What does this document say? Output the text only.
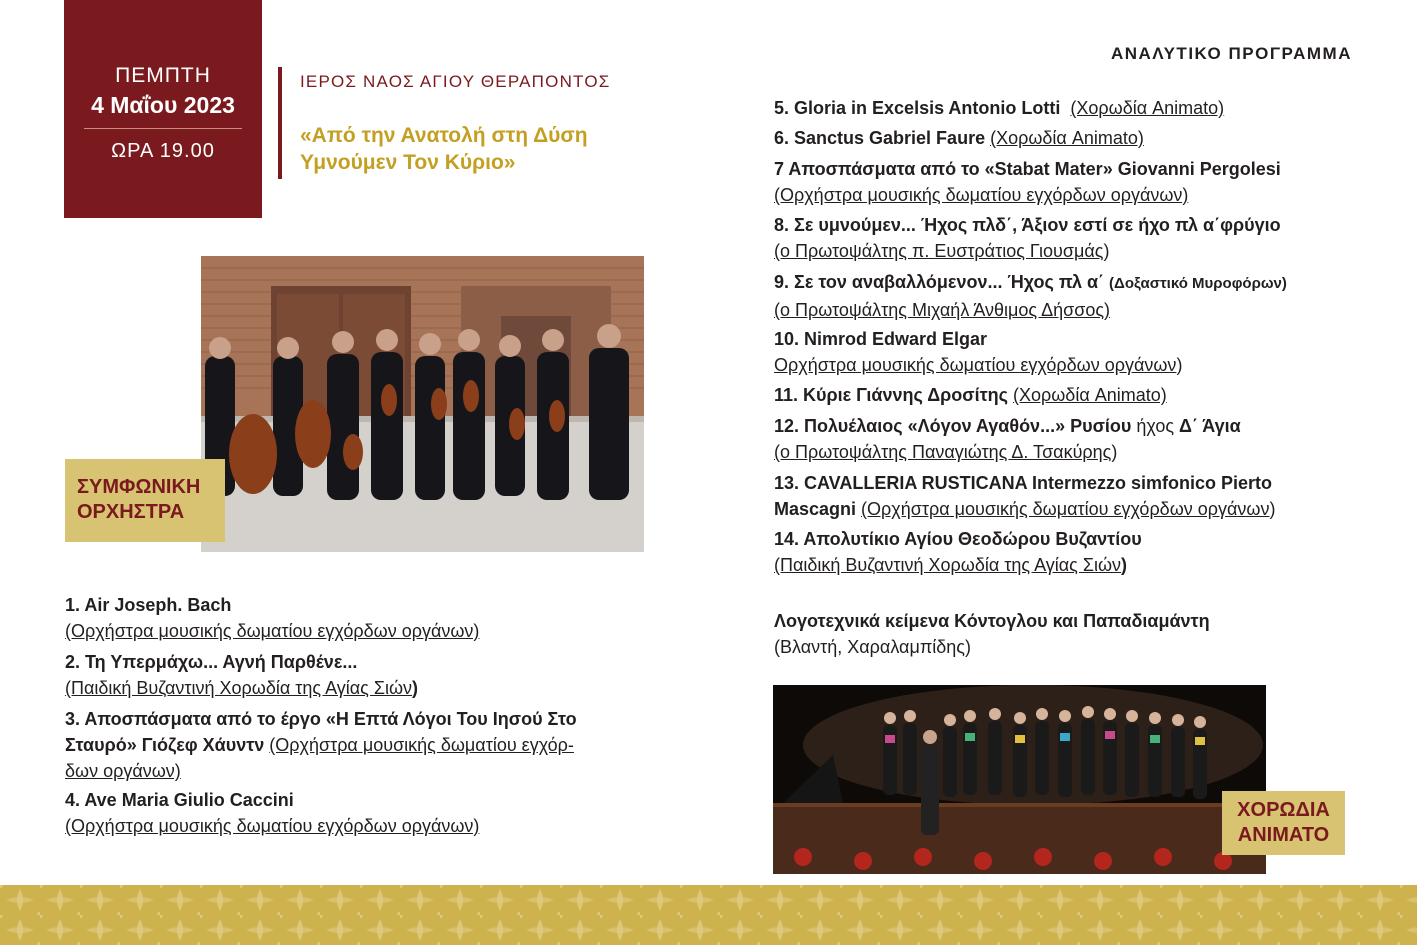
ΠΕΜΠΤΗ
4 Μαΐου 2023
ΩΡΑ 19.00
ΙΕΡΟΣ ΝΑΟΣ ΑΓΙΟΥ ΘΕΡΑΠΟΝΤΟΣ
«Από την Ανατολή στη Δύση
Υμνούμεν Τον Κύριο»
ΑΝΑΛΥΤΙΚΟ ΠΡΟΓΡΑΜΜΑ
ΣΥΜΦΩΝΙΚΗ
ΟΡΧΗΣΤΡΑ
1. Air Joseph. Bach
(Ορχήστρα μουσικής δωματίου εγχόρδων οργάνων)
2. Τη Υπερμάχω... Αγνή Παρθένε...
(Παιδική Βυζαντινή Χορωδία της Αγίας Σιών)
3. Αποσπάσματα από το έργο «Η Επτά Λόγοι Του Ιησού Στο
Σταυρό» Γιόζεφ Χάυντν (Ορχήστρα μουσικής δωματίου εγχόρ-
δων οργάνων)
4. Ave Maria Giulio Caccini
(Ορχήστρα μουσικής δωματίου εγχόρδων οργάνων)
5. Gloria in Excelsis Antonio Lotti (Χορωδία Animato)
6. Sanctus Gabriel Faure (Χορωδία Animato)
7 Αποσπάσματα από το «Stabat Mater» Giovanni Pergolesi
(Ορχήστρα μουσικής δωματίου εγχόρδων οργάνων)
8. Σε υμνούμεν... Ήχος πλδ΄, Άξιον εστί σε ήχο πλ α΄φρύγιο
(ο Πρωτοψάλτης π. Ευστράτιος Γιουσμάς)
9. Σε τον αναβαλλόμενον... Ήχος πλ α΄ (Δοξαστικό Μυροφόρων)
(ο Πρωτοψάλτης Μιχαήλ Άνθιμος Δήσσος)
10. Nimrod Edward Elgar
Ορχήστρα μουσικής δωματίου εγχόρδων οργάνων)
11. Κύριε Γιάννης Δροσίτης (Χορωδία Animato)
12. Πολυέλαιος «Λόγον Αγαθόν...» Ρυσίου ήχος Δ΄ Άγια
(ο Πρωτοψάλτης Παναγιώτης Δ. Τσακύρης)
13. CAVALLERIA RUSTICANA Intermezzo simfonico Pierto
Mascagni (Ορχήστρα μουσικής δωματίου εγχόρδων οργάνων)
14. Απολυτίκιο Αγίου Θεοδώρου Βυζαντίου
(Παιδική Βυζαντινή Χορωδία της Αγίας Σιών)
Λογοτεχνικά κείμενα Κόντογλου και Παπαδιαμάντη
(Βλαντή, Χαραλαμπίδης)
ΧΟΡΩΔΙΑ
ANIMATO
